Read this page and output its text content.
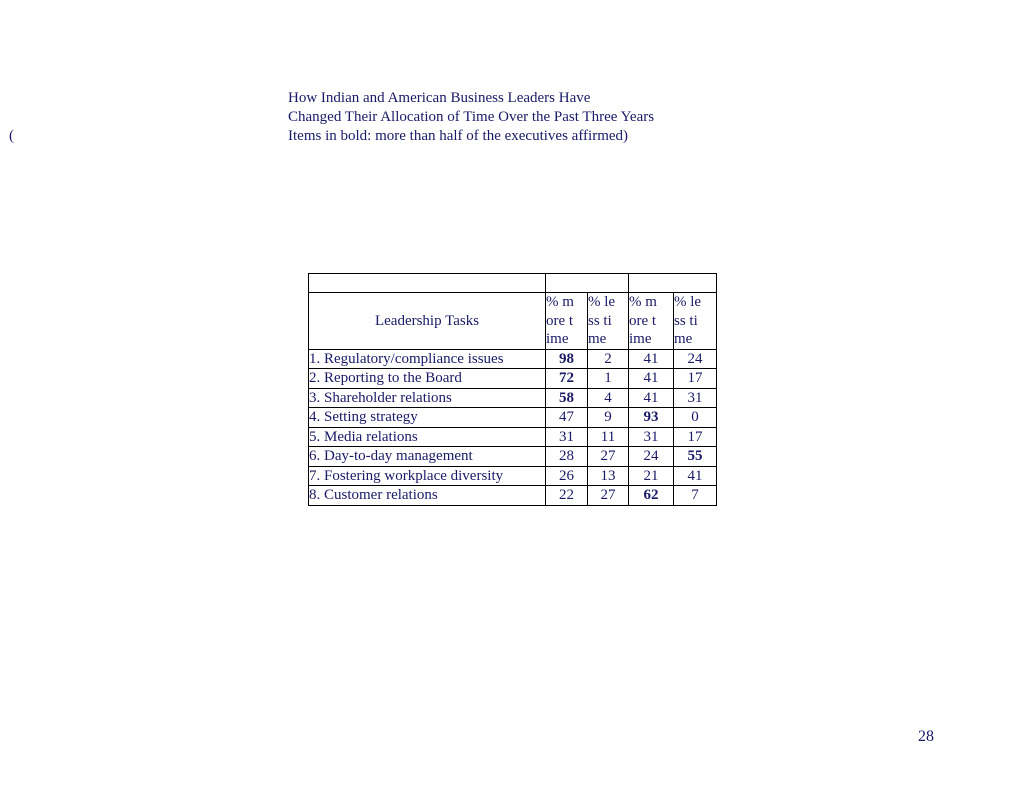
How Indian and American Business Leaders Have
Changed Their Allocation of Time Over the Past Three Years
(	Items in bold: more than half of the executives affirmed)

Leadership Tasks	% more time	% less time	% more time	% less time

1. Regulatory/compliance issues	98	2	41	24
2. Reporting to the Board	72	1	41	17
3. Shareholder relations	58	4	41	31
4. Setting strategy	47	9	93	0
5. Media relations	31	11	31	17
6. Day-to-day management	28	27	24	55
7. Fostering workplace diversity	26	13	21	41
8. Customer relations	22	27	62	7
28
